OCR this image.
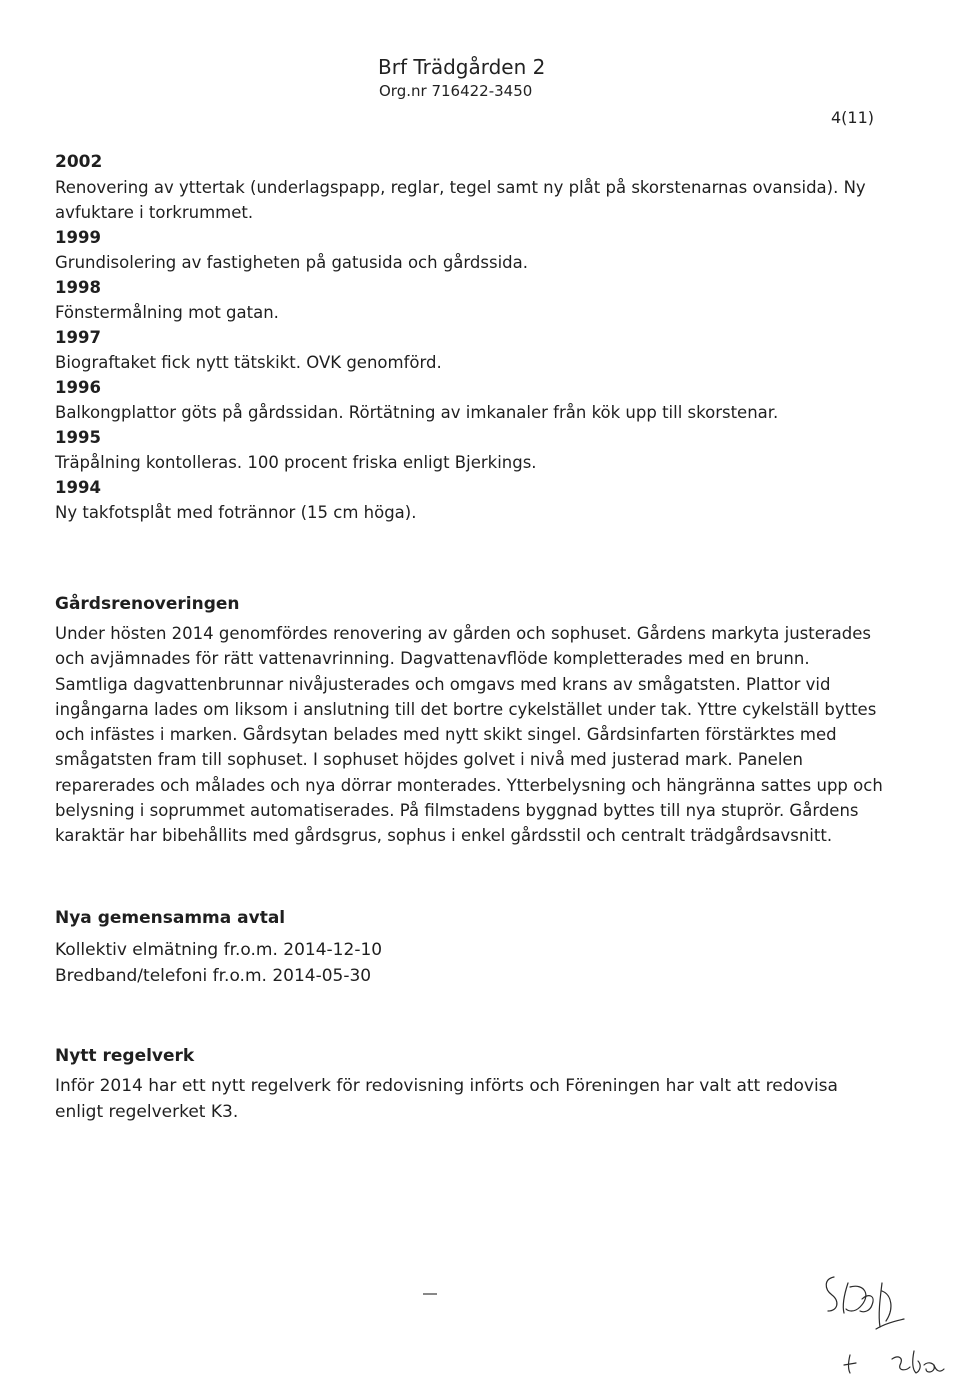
Brf Trädgården 2
Org.nr 716422-3450
4(11)

2002

Renovering av yttertak (underlagspapp, reglar, tegel samt ny plåt på skorstenarnas ovansida). Ny avfuktare i torkrummet.

1999

Grundisolering av fastigheten på gatusida och gårdssida.

1998

Fönstermålning mot gatan.

1997

Biograftaket fick nytt tätskikt. OVK genomförd.

1996

Balkongplattor göts på gårdssidan. Rörtätning av imkanaler från kök upp till skorstenar.

1995

Träpålning kontolleras. 100 procent friska enligt Bjerkings.

1994

Ny takfotsplåt med fotrännor (15 cm höga).

Gårdsrenoveringen

Under hösten 2014 genomfördes renovering av gården och sophuset. Gårdens markyta justerades och avjämnades för rätt vattenavrinning. Dagvattenavflöde kompletterades med en brunn. Samtliga dagvattenbrunnar nivåjusterades och omgavs med krans av smågatsten. Plattor vid ingångarna lades om liksom i anslutning till det bortre cykelstället under tak. Yttre cykelställ byttes och infästes i marken. Gårdsytan belades med nytt skikt singel. Gårdsinfarten förstärktes med smågatsten fram till sophuset. I sophuset höjdes golvet i nivå med justerad mark. Panelen reparerades och målades och nya dörrar monterades. Ytterbelysning och hängränna sattes upp och belysning i soprummet automatiserades. På filmstadens byggnad byttes till nya stuprör. Gårdens karaktär har bibehållits med gårdsgrus, sophus i enkel gårdsstil och centralt trädgårdsavsnitt.

Nya gemensamma avtal
Kollektiv elmätning fr.o.m. 2014-12-10
Bredband/telefoni fr.o.m. 2014-05-30
Nytt regelverk

Inför 2014 har ett nytt regelverk för redovisning införts och Föreningen har valt att redovisa enligt regelverket K3.
